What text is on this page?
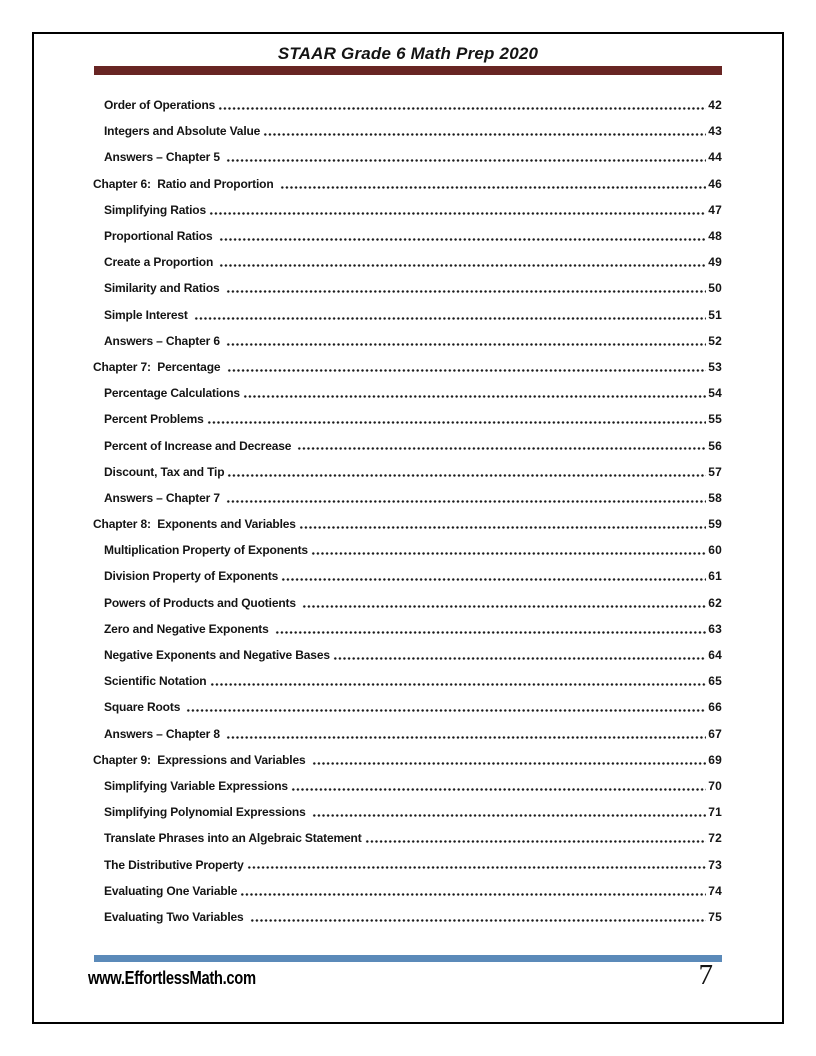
STAAR Grade 6 Math Prep 2020
Order of Operations	42
Integers and Absolute Value	43
Answers – Chapter 5	44
Chapter 6:  Ratio and Proportion	46
Simplifying Ratios	47
Proportional Ratios	48
Create a Proportion	49
Similarity and Ratios	50
Simple Interest	51
Answers – Chapter 6	52
Chapter 7:  Percentage	53
Percentage Calculations	54
Percent Problems	55
Percent of Increase and Decrease	56
Discount, Tax and Tip	57
Answers – Chapter 7	58
Chapter 8:  Exponents and Variables	59
Multiplication Property of Exponents	60
Division Property of Exponents	61
Powers of Products and Quotients	62
Zero and Negative Exponents	63
Negative Exponents and Negative Bases	64
Scientific Notation	65
Square Roots	66
Answers – Chapter 8	67
Chapter 9:  Expressions and Variables	69
Simplifying Variable Expressions	70
Simplifying Polynomial Expressions	71
Translate Phrases into an Algebraic Statement	72
The Distributive Property	73
Evaluating One Variable	74
Evaluating Two Variables	75
www.EffortlessMath.com	7
